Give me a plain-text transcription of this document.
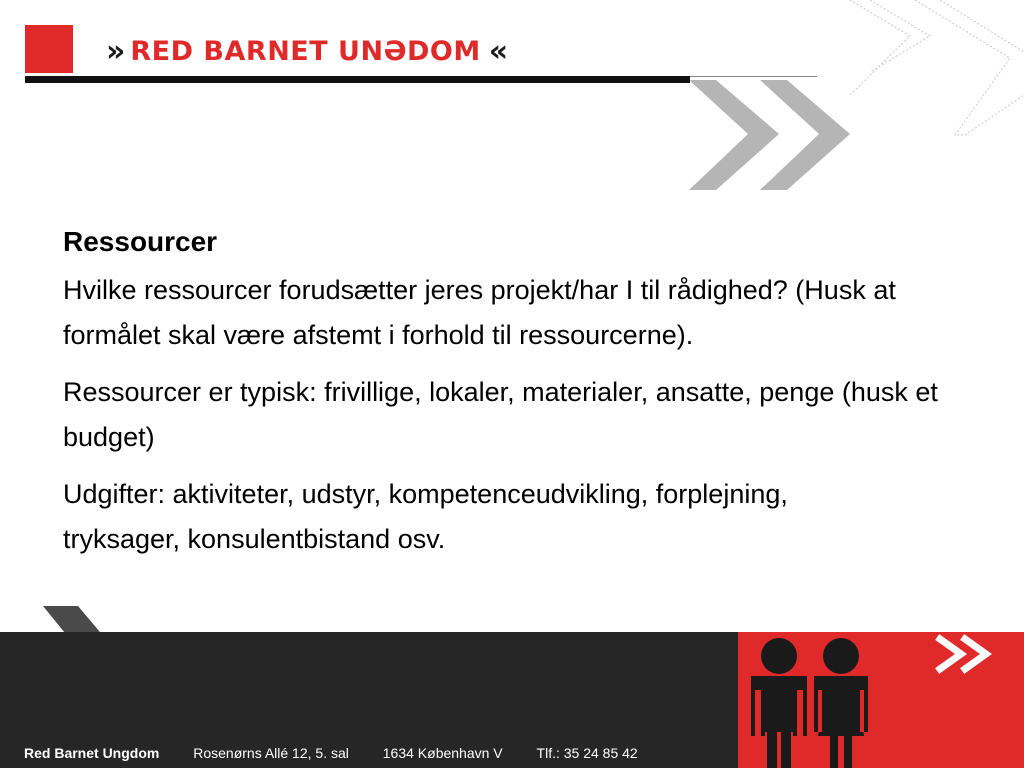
» RED BARNET UNƏDOM «
Ressourcer

Hvilke ressourcer forudsætter jeres projekt/har I til rådighed? (Husk at formålet skal være afstemt i forhold til ressourcerne).

Ressourcer er typisk: frivillige, lokaler, materialer, ansatte, penge (husk et budget)

Udgifter: aktiviteter, udstyr, kompetenceudvikling, forplejning, tryksager, konsulentbistand osv.

Red Barnet Ungdom Rosenørns Allé 12, 5. sal 1634 København V Tlf.: 35 24 85 42
